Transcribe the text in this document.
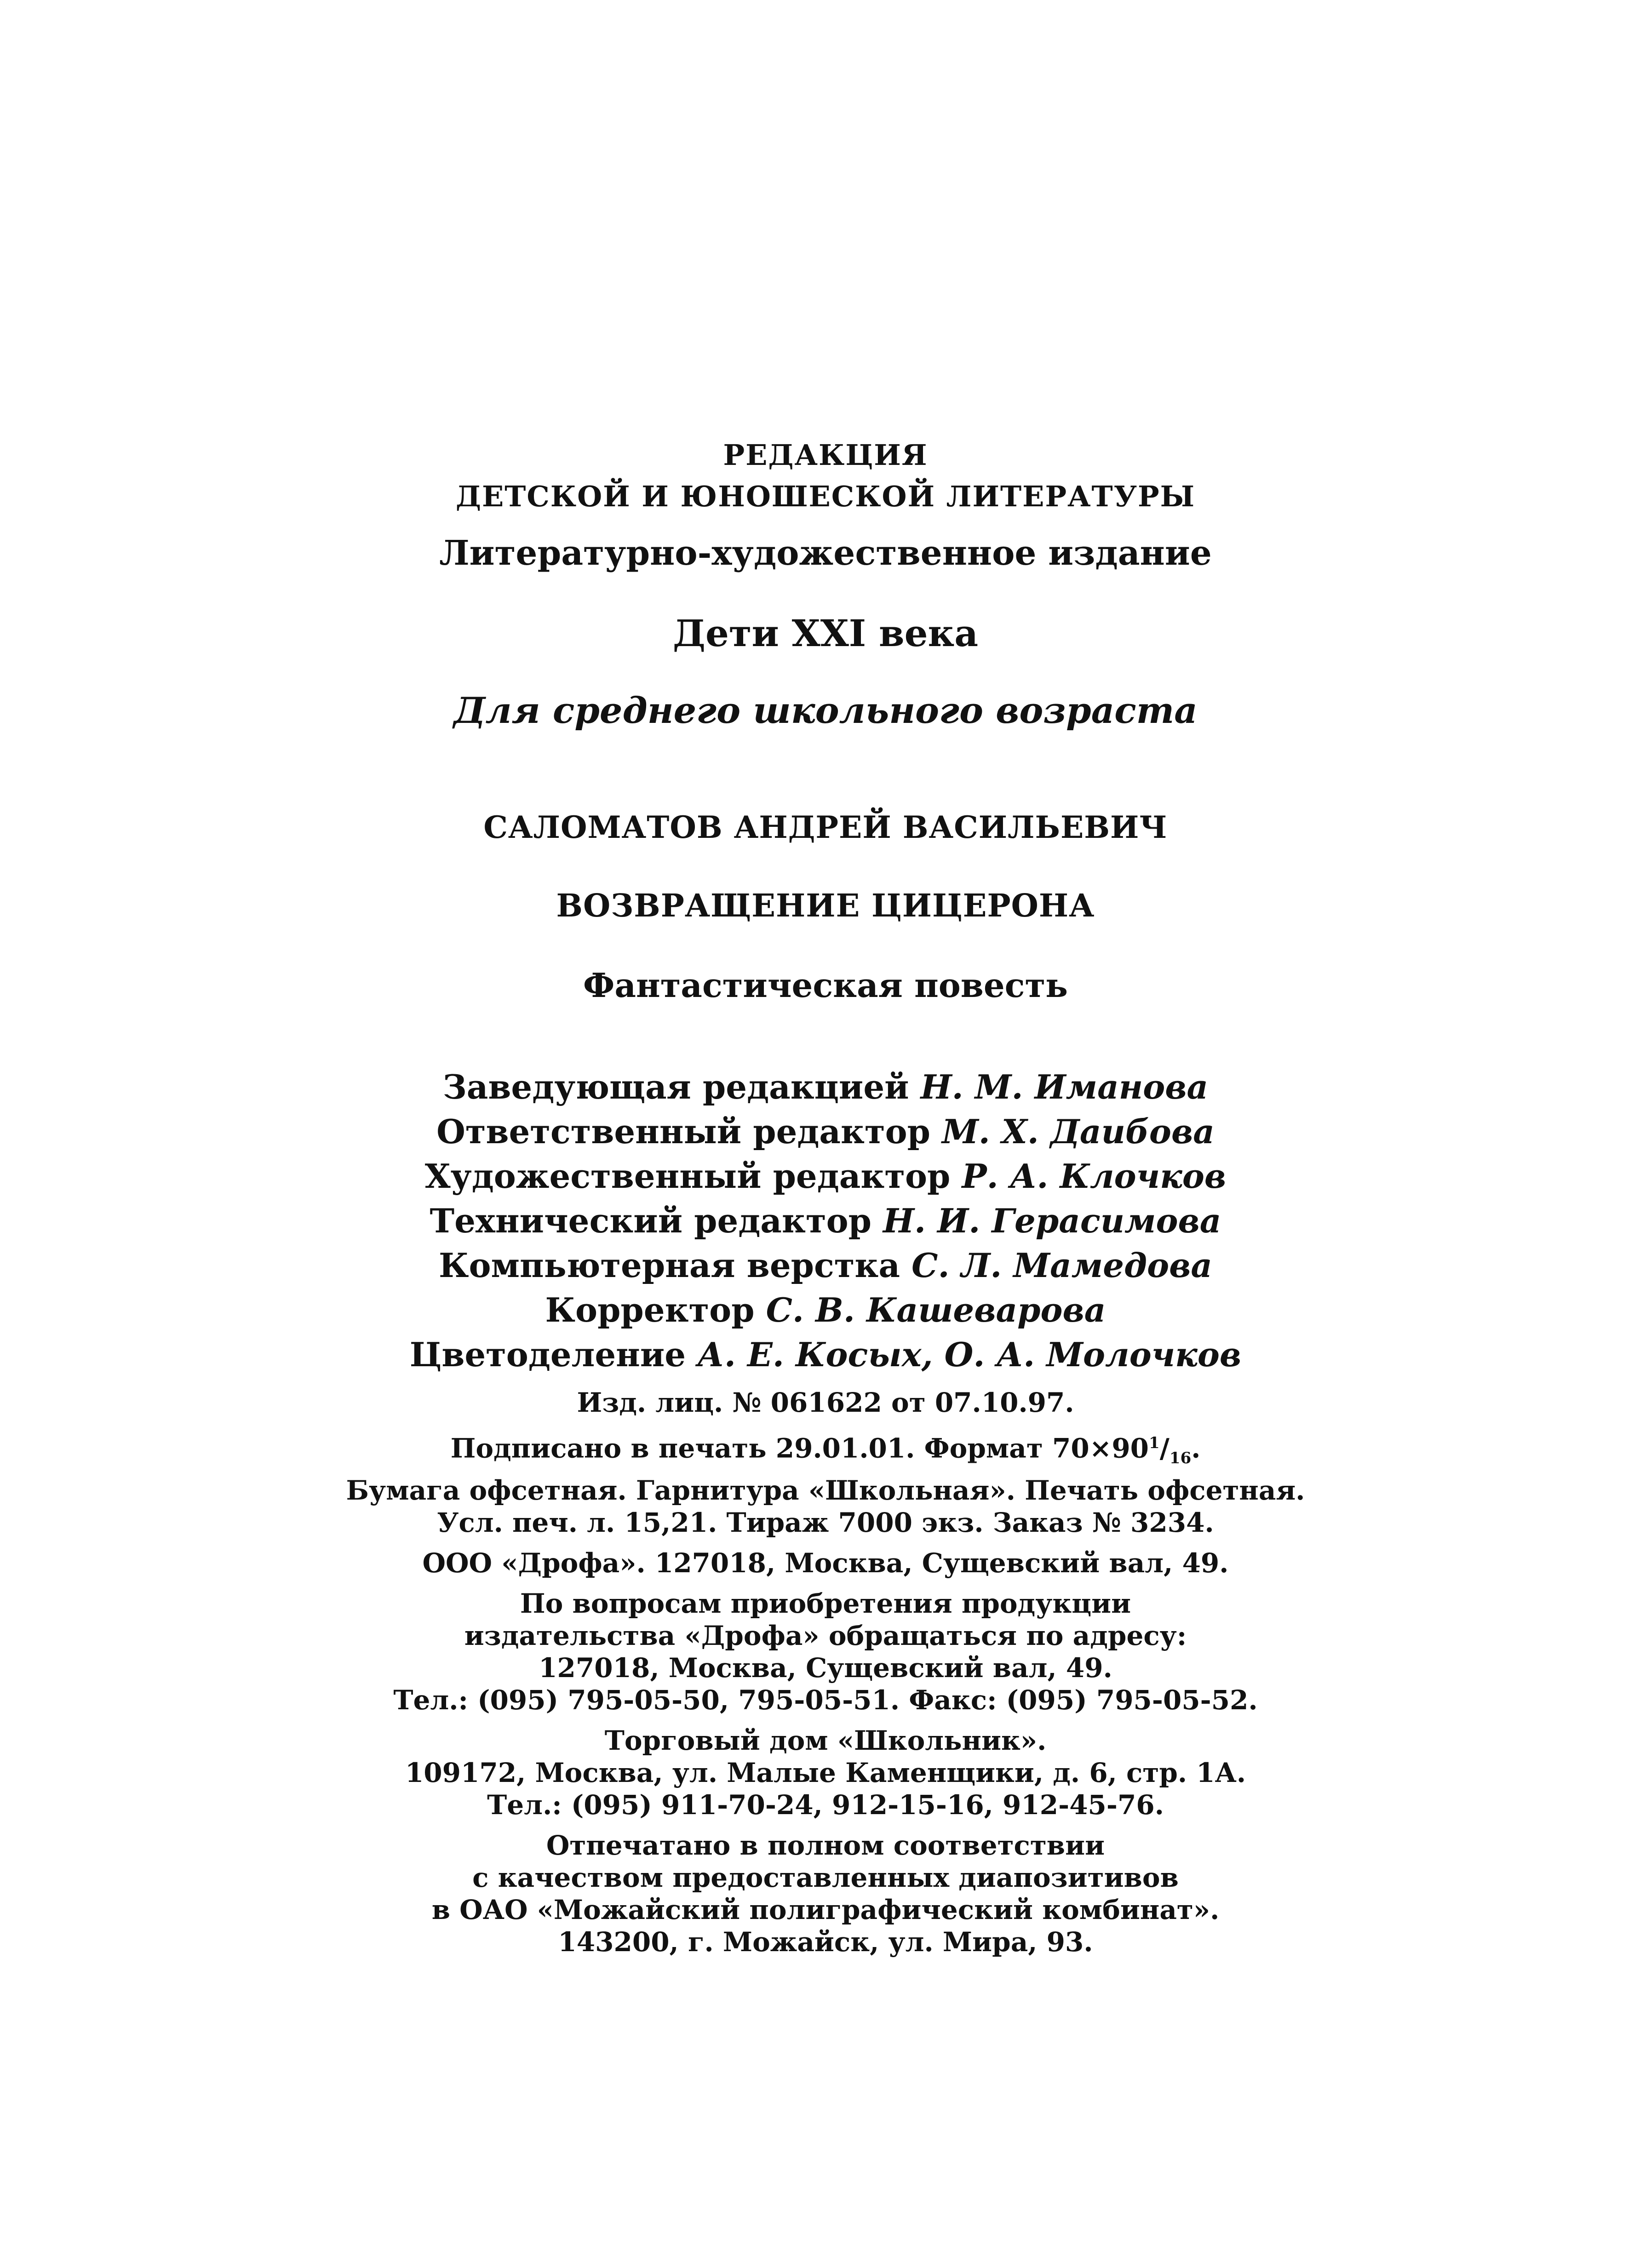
РЕДАКЦИЯ
ДЕТСКОЙ И ЮНОШЕСКОЙ ЛИТЕРАТУРЫ
Литературно-художественное издание
Дети XXI века
Для среднего школьного возраста
САЛОМАТОВ АНДРЕЙ ВАСИЛЬЕВИЧ
ВОЗВРАЩЕНИЕ ЦИЦЕРОНА
Фантастическая повесть
Заведующая редакцией Н. М. Иманова
Ответственный редактор М. Х. Даибова
Художественный редактор Р. А. Клочков
Технический редактор Н. И. Герасимова
Компьютерная верстка С. Л. Мамедова
Корректор С. В. Кашеварова
Цветоделение А. Е. Косых, О. А. Молочков
Изд. лиц. № 061622 от 07.10.97.
Подписано в печать 29.01.01. Формат $70\times 90^1/_{16}$.
Бумага офсетная. Гарнитура «Школьная». Печать офсетная.
Усл. печ. л. 15,21. Тираж 7000 экз. Заказ № 3234.
ООО «Дрофа». 127018, Москва, Сущевский вал, 49.
По вопросам приобретения продукции
издательства «Дрофа» обращаться по адресу:
127018, Москва, Сущевский вал, 49.
Тел.: (095) 795-05-50, 795-05-51. Факс: (095) 795-05-52.
Торговый дом «Школьник».
109172, Москва, ул. Малые Каменщики, д. 6, стр. 1А.
Тел.: (095) 911-70-24, 912-15-16, 912-45-76.
Отпечатано в полном соответствии
с качеством предоставленных диапозитивов
в ОАО «Можайский полиграфический комбинат».
143200, г. Можайск, ул. Мира, 93.
